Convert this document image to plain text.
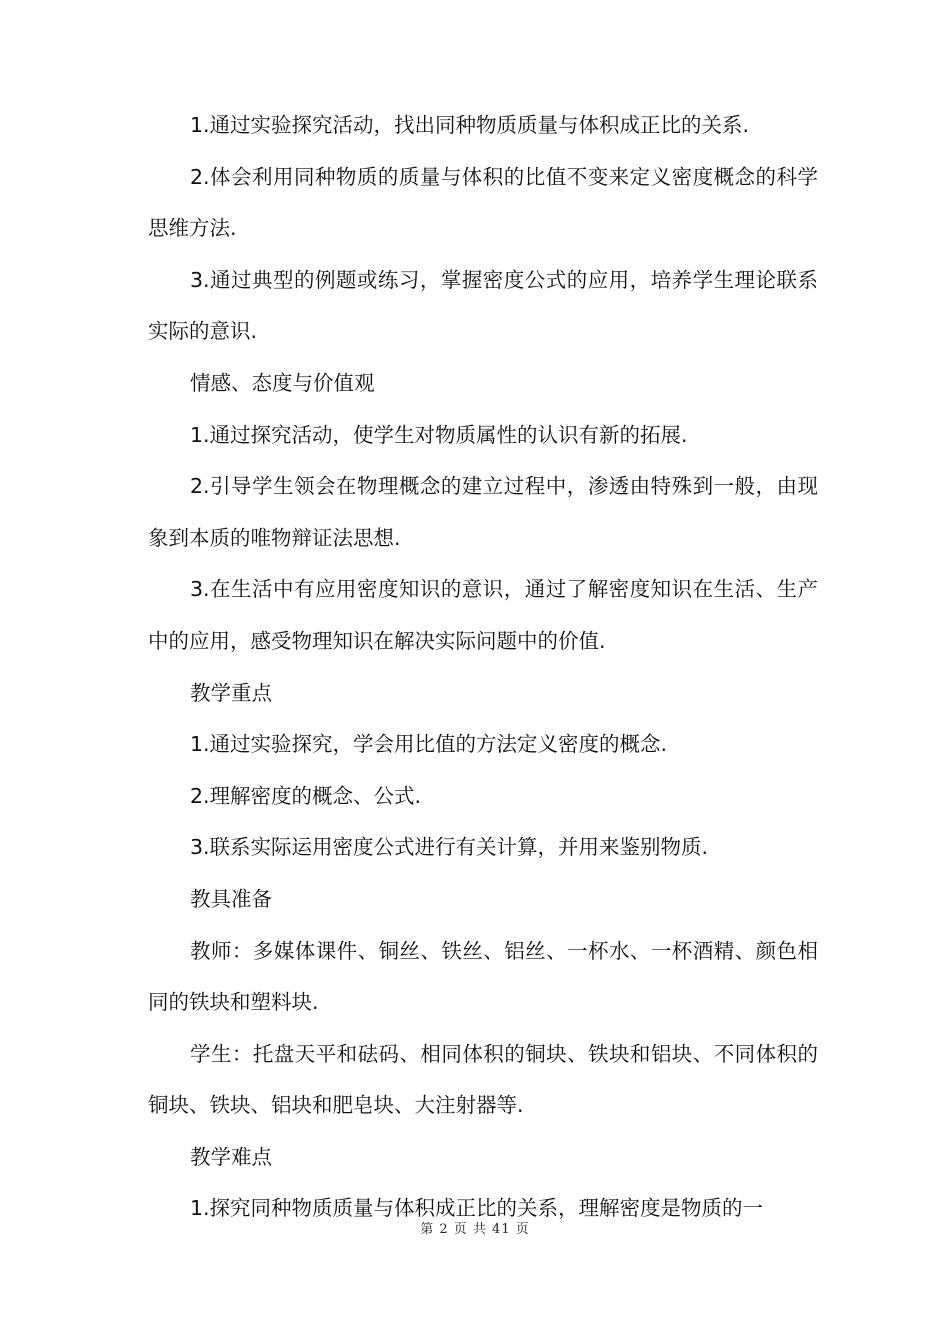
1.通过实验探究活动，找出同种物质质量与体积成正比的关系.

2.体会利用同种物质的质量与体积的比值不变来定义密度概念的科学思维方法.

3.通过典型的例题或练习，掌握密度公式的应用，培养学生理论联系实际的意识.

情感、态度与价值观

1.通过探究活动，使学生对物质属性的认识有新的拓展.

2.引导学生领会在物理概念的建立过程中，渗透由特殊到一般，由现象到本质的唯物辩证法思想.

3.在生活中有应用密度知识的意识，通过了解密度知识在生活、生产中的应用，感受物理知识在解决实际问题中的价值.

教学重点

1.通过实验探究，学会用比值的方法定义密度的概念.

2.理解密度的概念、公式.

3.联系实际运用密度公式进行有关计算，并用来鉴别物质.

教具准备

教师：多媒体课件、铜丝、铁丝、铝丝、一杯水、一杯酒精、颜色相同的铁块和塑料块.

学生：托盘天平和砝码、相同体积的铜块、铁块和铝块、不同体积的铜块、铁块、铝块和肥皂块、大注射器等.

教学难点

1.探究同种物质质量与体积成正比的关系，理解密度是物质的一

第 2 页 共 41 页
